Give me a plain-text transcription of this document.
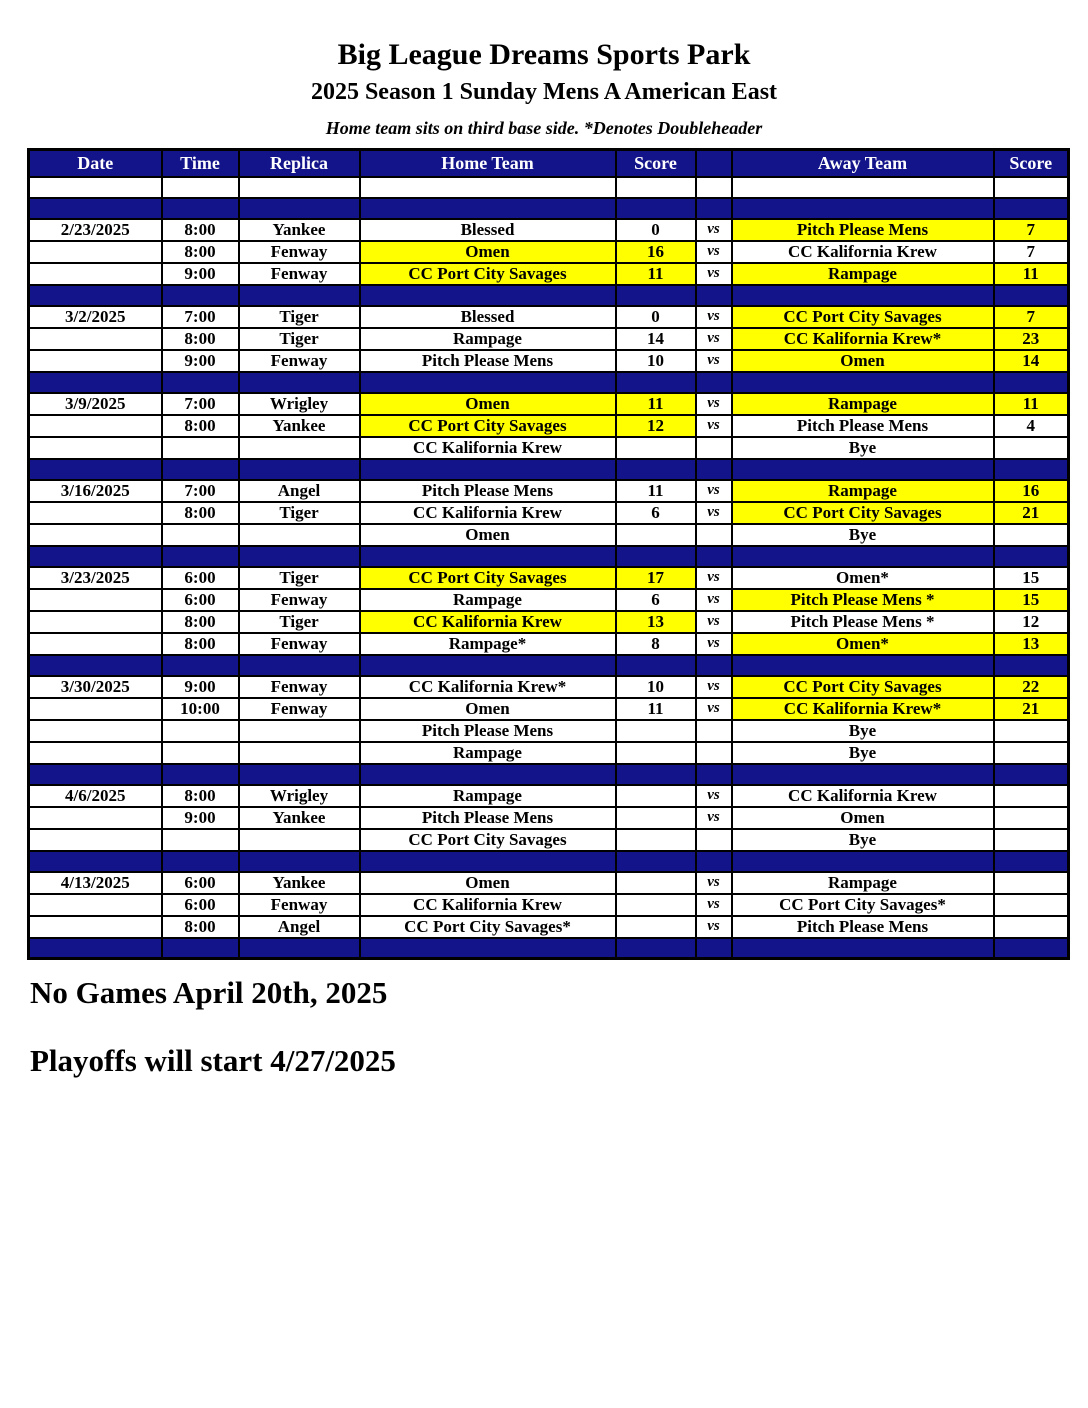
Big League Dreams Sports Park
2025 Season 1 Sunday Mens A American East
Home team sits on third base side. *Denotes Doubleheader
Date	Time	Replica	Home Team	Score		Away Team	Score

2/23/2025	8:00	Yankee	Blessed	0	vs	Pitch Please Mens	7
	8:00	Fenway	Omen	16	vs	CC Kalifornia Krew	7
	9:00	Fenway	CC Port City Savages	11	vs	Rampage	11

3/2/2025	7:00	Tiger	Blessed	0	vs	CC Port City Savages	7
	8:00	Tiger	Rampage	14	vs	CC Kalifornia Krew*	23
	9:00	Fenway	Pitch Please Mens	10	vs	Omen	14

3/9/2025	7:00	Wrigley	Omen	11	vs	Rampage	11
	8:00	Yankee	CC Port City Savages	12	vs	Pitch Please Mens	4
			CC Kalifornia Krew			Bye	

3/16/2025	7:00	Angel	Pitch Please Mens	11	vs	Rampage	16
	8:00	Tiger	CC Kalifornia Krew	6	vs	CC Port City Savages	21
			Omen			Bye	

3/23/2025	6:00	Tiger	CC Port City Savages	17	vs	Omen*	15
	6:00	Fenway	Rampage	6	vs	Pitch Please Mens *	15
	8:00	Tiger	CC Kalifornia Krew	13	vs	Pitch Please Mens *	12
	8:00	Fenway	Rampage*	8	vs	Omen*	13

3/30/2025	9:00	Fenway	CC Kalifornia Krew*	10	vs	CC Port City Savages	22
	10:00	Fenway	Omen	11	vs	CC Kalifornia Krew*	21
			Pitch Please Mens			Bye	
			Rampage			Bye	

4/6/2025	8:00	Wrigley	Rampage		vs	CC Kalifornia Krew	
	9:00	Yankee	Pitch Please Mens		vs	Omen	
			CC Port City Savages			Bye	

4/13/2025	6:00	Yankee	Omen		vs	Rampage	
	6:00	Fenway	CC Kalifornia Krew		vs	CC Port City Savages*	
	8:00	Angel	CC Port City Savages*		vs	Pitch Please Mens	

No Games April 20th, 2025
Playoffs will start 4/27/2025
